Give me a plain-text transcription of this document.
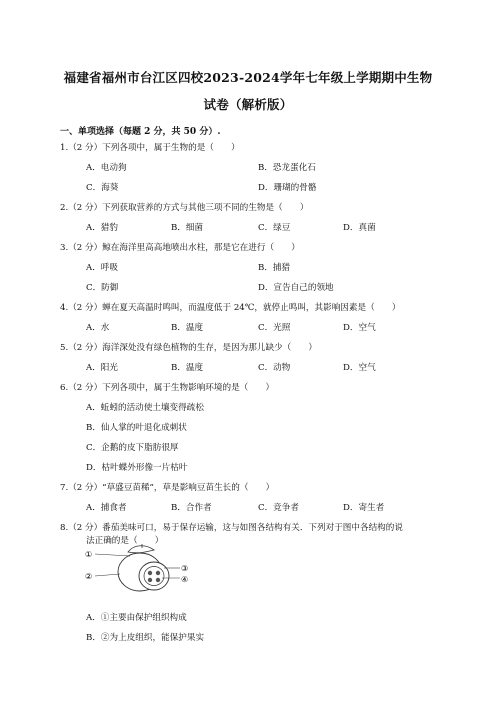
福建省福州市台江区四校2023-2024学年七年级上学期期中生物
试卷（解析版）
一、单项选择（每题 2 分，共 50 分）.
1.（2 分）下列各项中，属于生物的是（　　）
A．电动狗	B．恐龙蛋化石
C．海葵	D．珊瑚的骨骼
2.（2 分）下列获取营养的方式与其他三项不同的生物是（　　）
A．猎豹	B．细菌	C．绿豆	D．真菌
3.（2 分）鲸在海洋里高高地喷出水柱，那是它在进行（　　）
A．呼吸	B．捕猎
C．防御	D．宣告自己的领地
4.（2 分）蝉在夏天高温时鸣叫，而温度低于 24℃，就停止鸣叫，其影响因素是（　　）
A．水	B．温度	C．光照	D．空气
5.（2 分）海洋深处没有绿色植物的生存，是因为那儿缺少（　　）
A．阳光	B．温度	C．动物	D．空气
6.（2 分）下列各项中，属于生物影响环境的是（　　）
A．蚯蚓的活动使土壤变得疏松
B．仙人掌的叶退化成刺状
C．企鹅的皮下脂肪很厚
D．枯叶蝶外形像一片枯叶
7.（2 分）“草盛豆苗稀”，草是影响豆苗生长的（　　）
A．捕食者	B．合作者	C．竞争者	D．寄生者
8.（2 分）番茄美味可口，易于保存运输，这与如图各结构有关．下列对于图中各结构的说
法正确的是（　　）
①
②
③
④
A．①主要由保护组织构成
B．②为上皮组织，能保护果实
